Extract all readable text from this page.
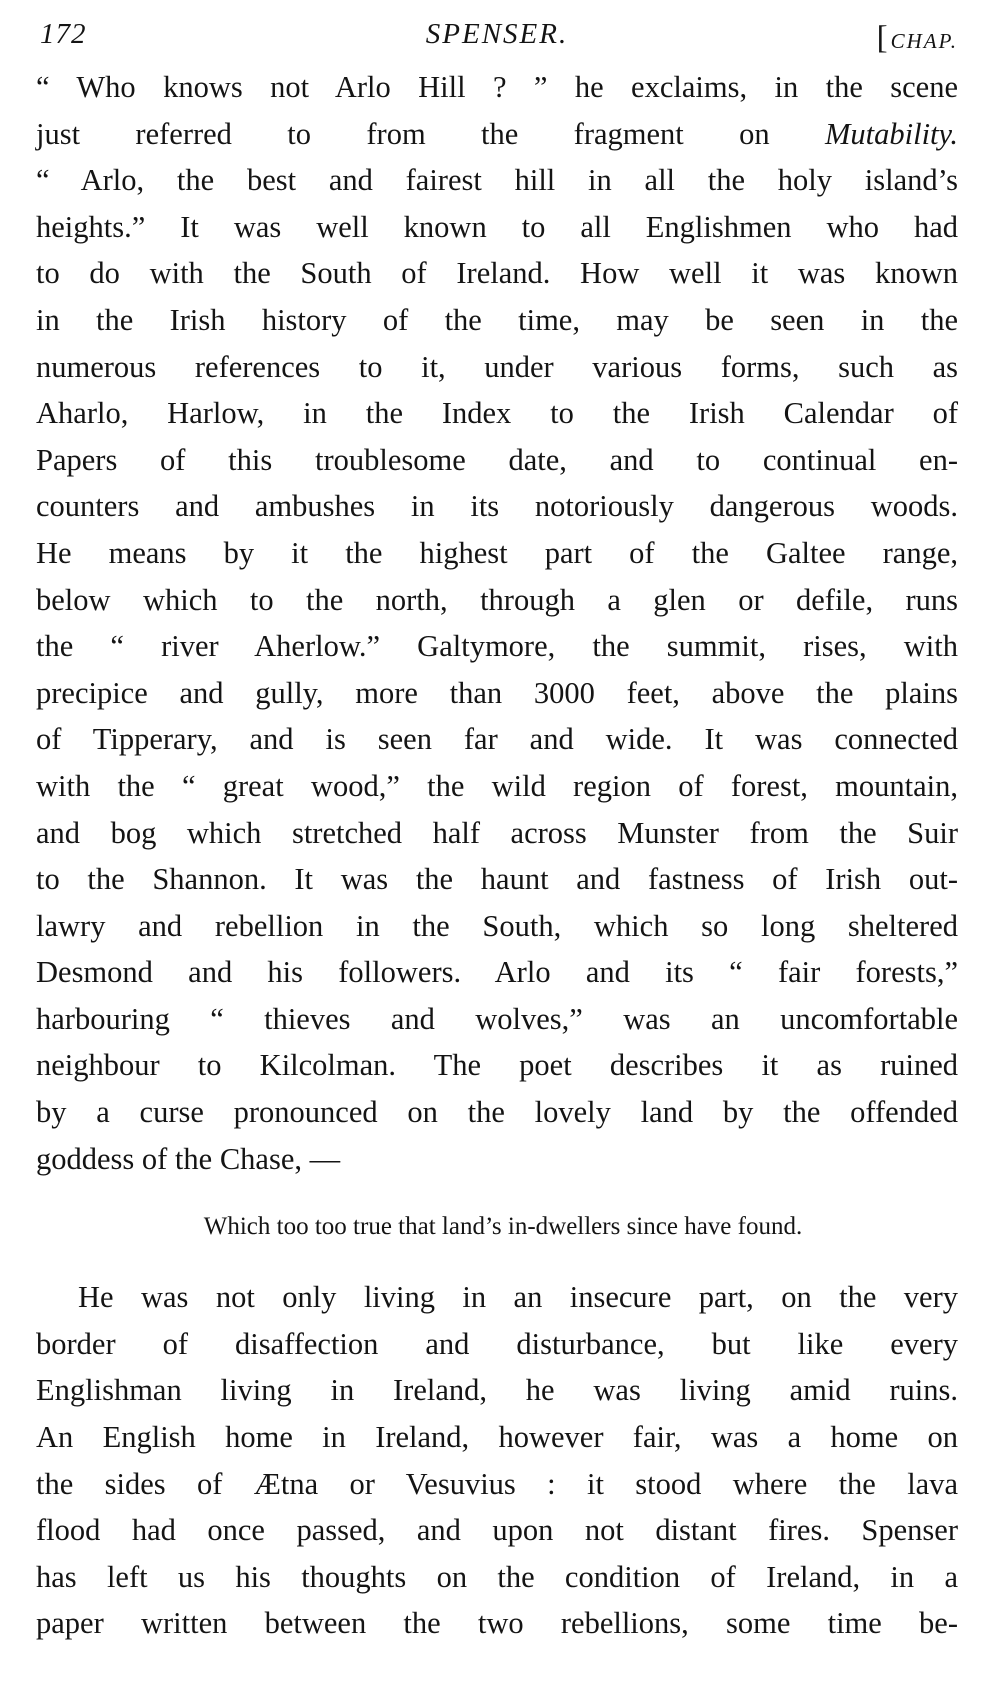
172	SPENSER.	[CHAP.
“ Who knows not Arlo Hill ? ” he exclaims, in the scene
just referred to from the fragment on Mutability.
“ Arlo, the best and fairest hill in all the holy island’s
heights.” It was well known to all Englishmen who had
to do with the South of Ireland. How well it was known
in the Irish history of the time, may be seen in the
numerous references to it, under various forms, such as
Aharlo, Harlow, in the Index to the Irish Calendar of
Papers of this troublesome date, and to continual en-
counters and ambushes in its notoriously dangerous woods.
He means by it the highest part of the Galtee range,
below which to the north, through a glen or defile, runs
the “ river Aherlow.” Galtymore, the summit, rises, with
precipice and gully, more than 3000 feet, above the plains
of Tipperary, and is seen far and wide. It was connected
with the “ great wood,” the wild region of forest, mountain,
and bog which stretched half across Munster from the Suir
to the Shannon. It was the haunt and fastness of Irish out-
lawry and rebellion in the South, which so long sheltered
Desmond and his followers. Arlo and its “ fair forests,”
harbouring “ thieves and wolves,” was an uncomfortable
neighbour to Kilcolman. The poet describes it as ruined
by a curse pronounced on the lovely land by the offended
goddess of the Chase, —
Which too too true that land’s in-dwellers since have found.
He was not only living in an insecure part, on the very
border of disaffection and disturbance, but like every
Englishman living in Ireland, he was living amid ruins.
An English home in Ireland, however fair, was a home on
the sides of Ætna or Vesuvius : it stood where the lava
flood had once passed, and upon not distant fires. Spenser
has left us his thoughts on the condition of Ireland, in a
paper written between the two rebellions, some time be-
